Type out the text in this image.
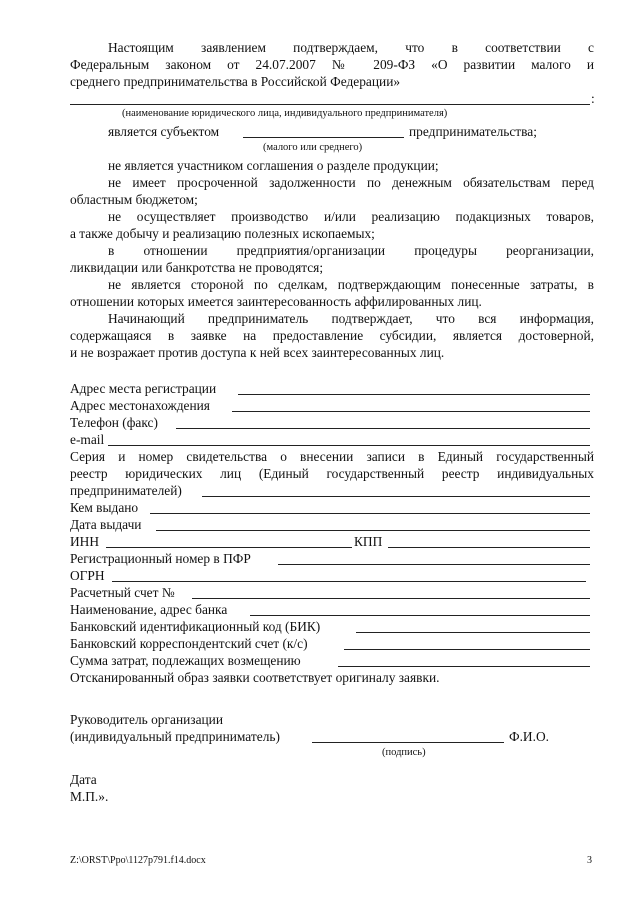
Настоящим заявлением подтверждаем, что в соответствии с
Федеральным законом от 24.07.2007 № 209-ФЗ «О развитии малого и
среднего предпринимательства в Российской Федерации»
:
(наименование юридического лица, индивидуального предпринимателя)
является субъектом	предпринимательства;
(малого или среднего)
не является участником соглашения о разделе продукции;
не имеет просроченной задолженности по денежным обязательствам перед
областным бюджетом;
не осуществляет производство и/или реализацию подакцизных товаров,
а также добычу и реализацию полезных ископаемых;
в отношении предприятия/организации процедуры реорганизации,
ликвидации или банкротства не проводятся;
не является стороной по сделкам, подтверждающим понесенные затраты, в
отношении которых имеется заинтересованность аффилированных лиц.
Начинающий предприниматель подтверждает, что вся информация,
содержащаяся в заявке на предоставление субсидии, является достоверной,
и не возражает против доступа к ней всех заинтересованных лиц.
Адрес места регистрации
Адрес местонахождения
Телефон (факс)
e-mail
Серия и номер свидетельства о внесении записи в Единый государственный
реестр юридических лиц (Единый государственный реестр индивидуальных
предпринимателей)
Кем выдано
Дата выдачи
ИНН	КПП
Регистрационный номер в ПФР
ОГРН
Расчетный счет №
Наименование, адрес банка
Банковский идентификационный код (БИК)
Банковский корреспондентский счет (к/с)
Сумма затрат, подлежащих возмещению
Отсканированный образ заявки соответствует оригиналу заявки.
Руководитель организации
(индивидуальный предприниматель)	Ф.И.О.
(подпись)
Дата
М.П.».
Z:\ORST\Ppo\1127p791.f14.docx	3
